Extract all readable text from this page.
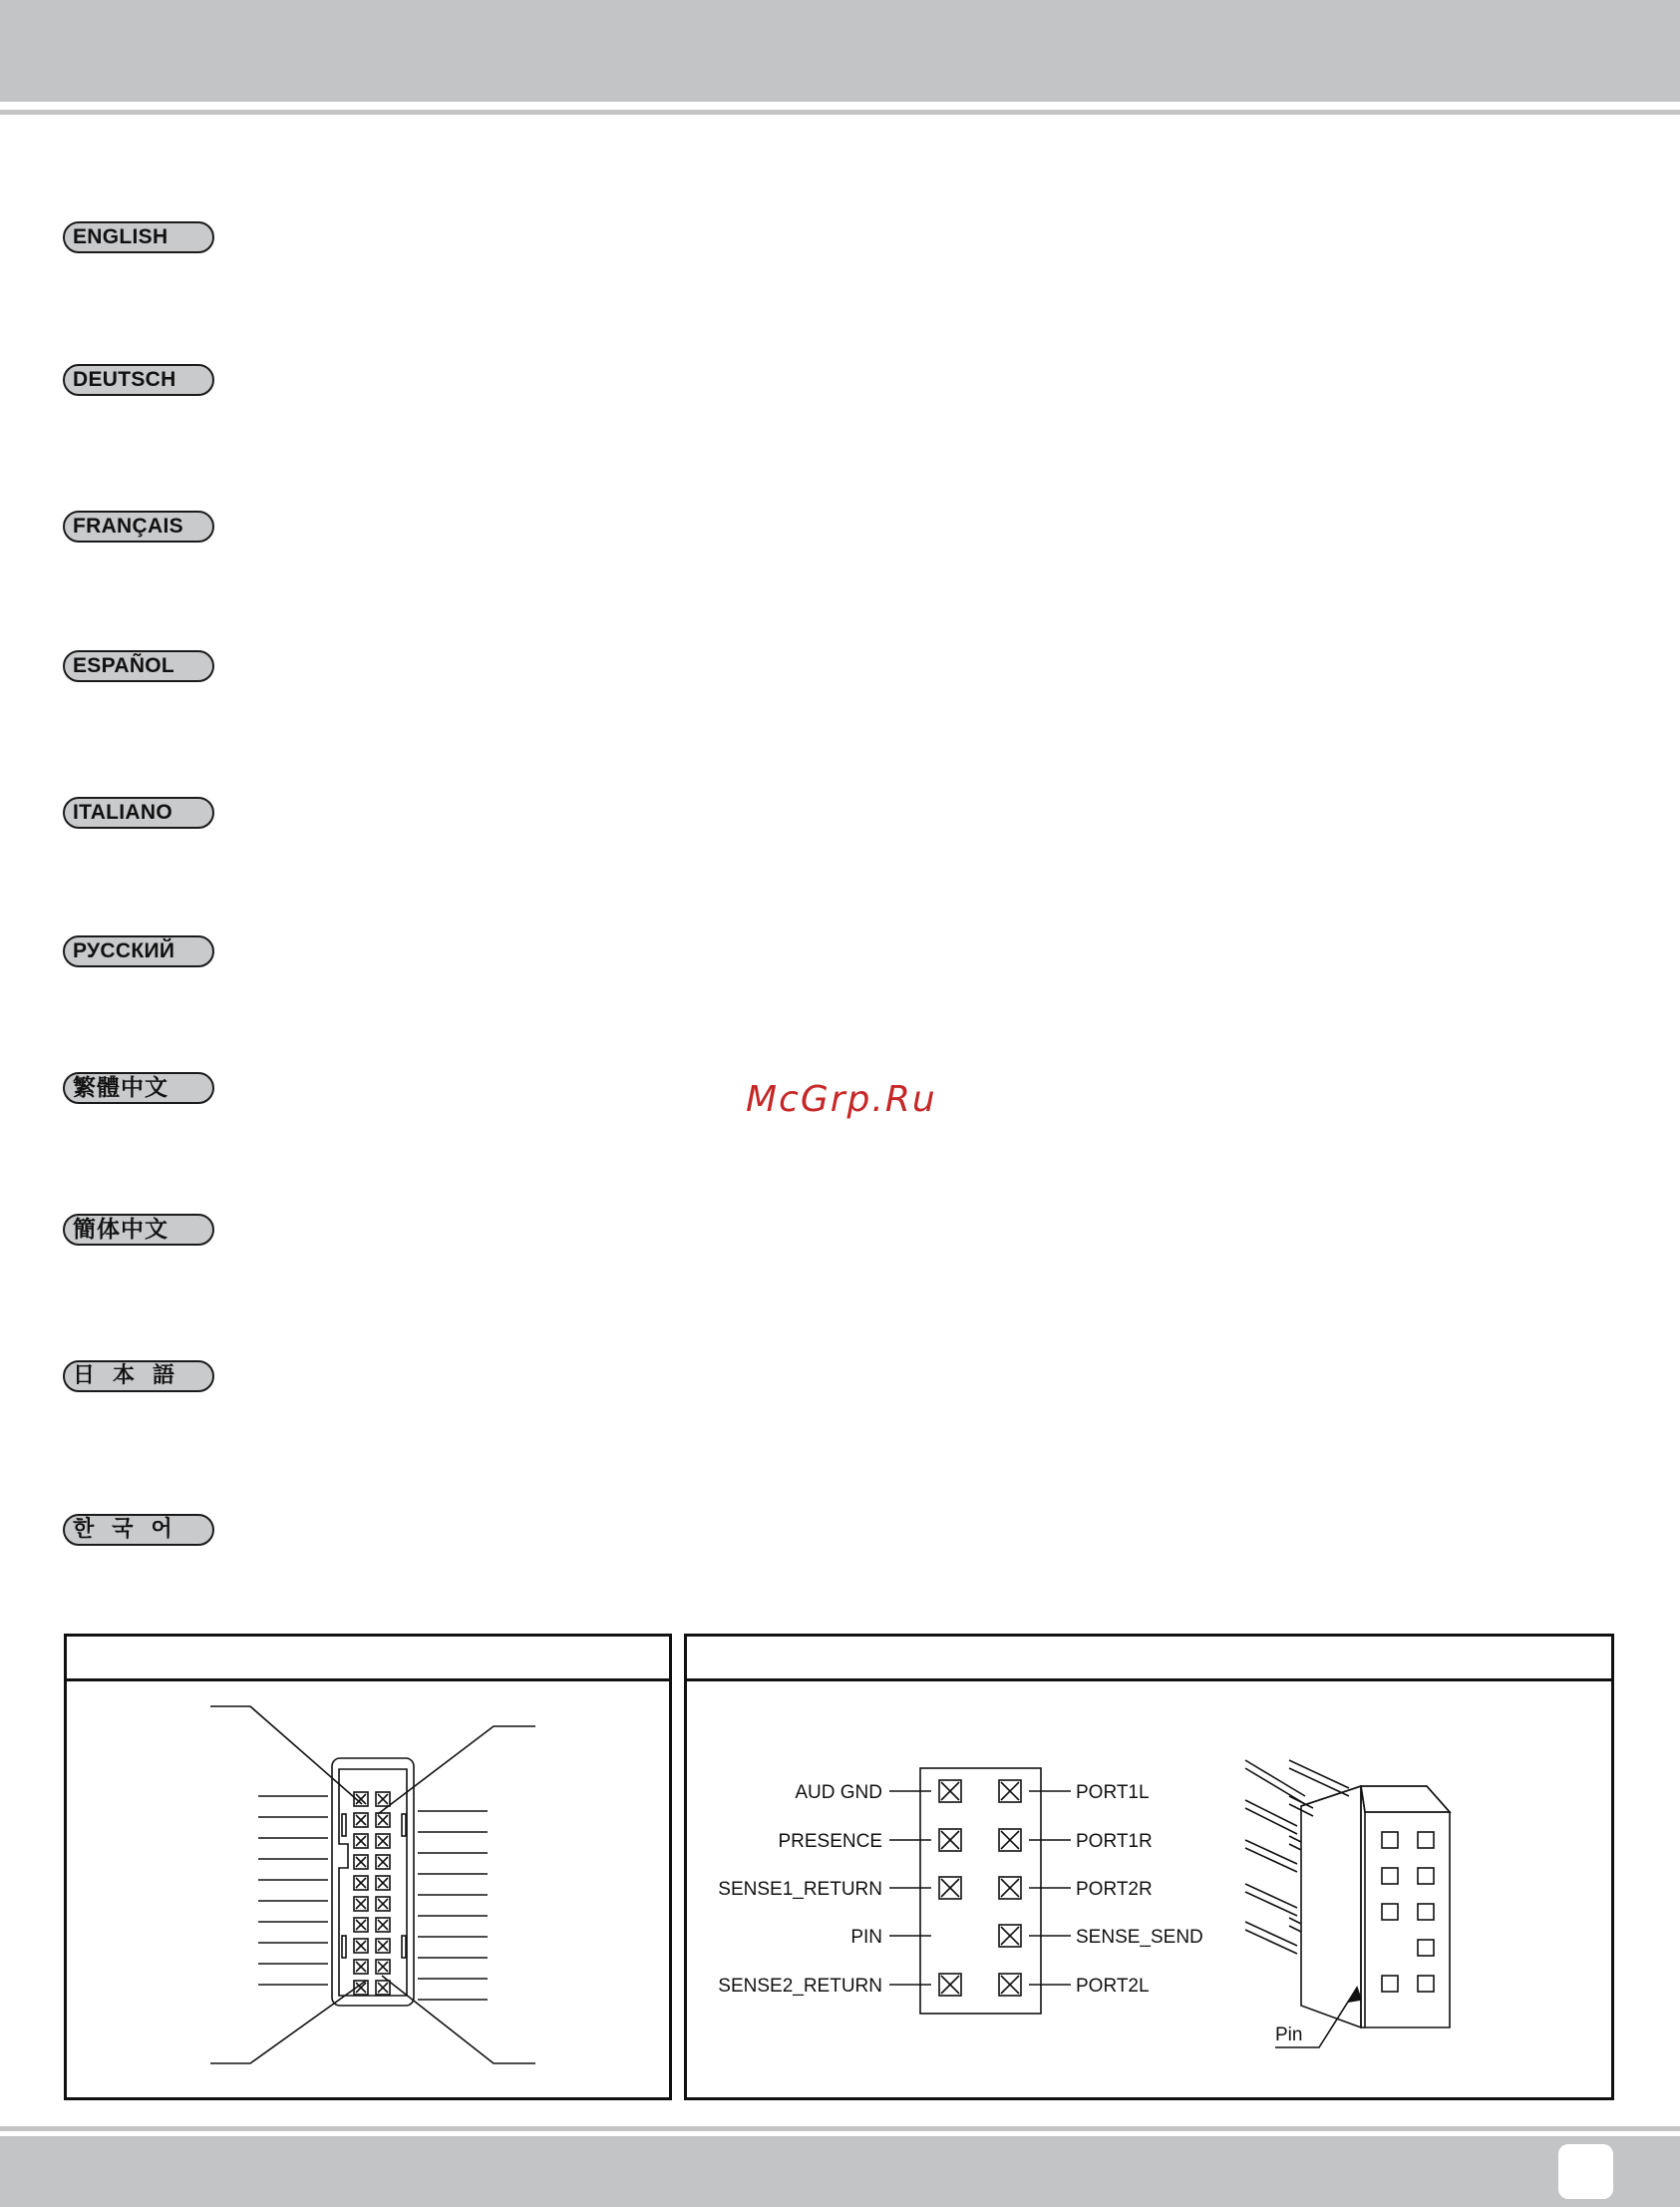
ENGLISH
DEUTSCH
FRANÇAIS
ESPAÑOL
ITALIANO
РУССКИЙ
繁體中文
簡体中文
日本語
한국어
McGrp.Ru
AUD GND
PRESENCE
SENSE1_RETURN
PIN
SENSE2_RETURN
PORT1L
PORT1R
PORT2R
SENSE_SEND
PORT2L
Pin
